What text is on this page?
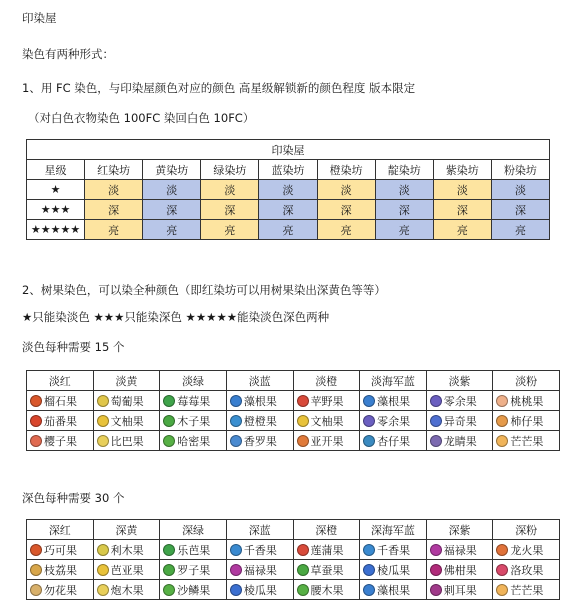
印染屋
染色有两种形式：
1、用 FC 染色，与印染屋颜色对应的颜色 高星级解锁新的颜色程度 版本限定
（对白色衣物染色 100FC 染回白色 10FC）
印染屋								
星级	红染坊	黄染坊	绿染坊	蓝染坊	橙染坊	靛染坊	紫染坊	粉染坊
★	淡	淡	淡	淡	淡	淡	淡	淡
★★★	深	深	深	深	深	深	深	深
★★★★★	亮	亮	亮	亮	亮	亮	亮	亮
2、树果染色，可以染全种颜色（即红染坊可以用树果染出深黄色等等）
★只能染淡色 ★★★只能染深色 ★★★★★能染淡色深色两种
淡色每种需要 15 个
淡红	淡黄	淡绿	淡蓝	淡橙	淡海军蓝	淡紫	淡粉
榴石果	萄葡果	莓莓果	藻根果	苹野果	藻根果	零余果	桃桃果
茄番果	文柚果	木子果	橙橙果	文柚果	零余果	异奇果	柿仔果
樱子果	比巴果	哈密果	香罗果	亚开果	杏仔果	龙睛果	芒芒果
深色每种需要 30 个
深红	深黄	深绿	深蓝	深橙	深海军蓝	深紫	深粉
巧可果	利木果	乐芭果	千香果	莲蒲果	千香果	福禄果	龙火果
枝荔果	芭亚果	罗子果	福禄果	草蚕果	棱瓜果	佛柑果	洛玫果
勿花果	炮木果	沙鳞果	棱瓜果	腰木果	藻根果	刺耳果	芒芒果
